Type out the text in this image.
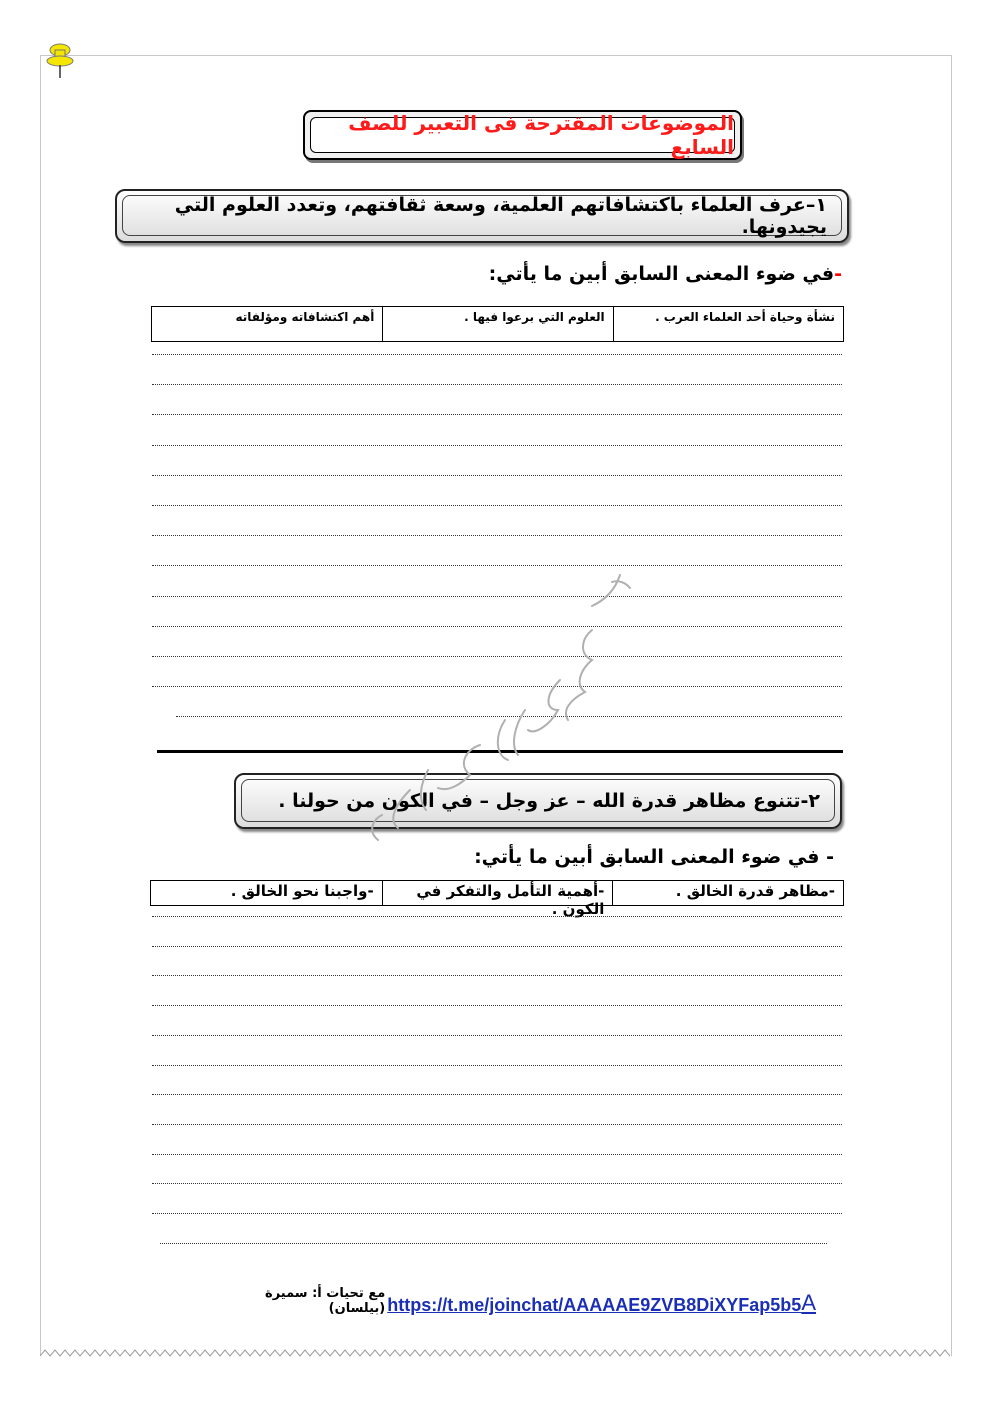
الموضوعات المقترحة فى التعبير للصف السابع
١–عرف العلماء باكتشافاتهم العلمية، وسعة ثقافتهم، وتعدد العلوم التي يجيدونها.
-في ضوء المعنى السابق أبين ما يأتي:
نشأة وحياة أحد العلماء العرب .
العلوم التي برعوا فيها .
أهم اكتشافاته ومؤلفاته
٢-تتنوع مظاهر قدرة الله – عز وجل – في الكون من حولنا .
- في ضوء المعنى السابق أبين ما يأتي:
-مظاهر قدرة الخالق .
-أهمية التأمل والتفكر في الكون .
-واجبنا نحو الخالق .
مع تحيات أ: سميرة (بيلسان) https://t.me/joinchat/AAAAAE9ZVB8DiXYFap5b5 A
